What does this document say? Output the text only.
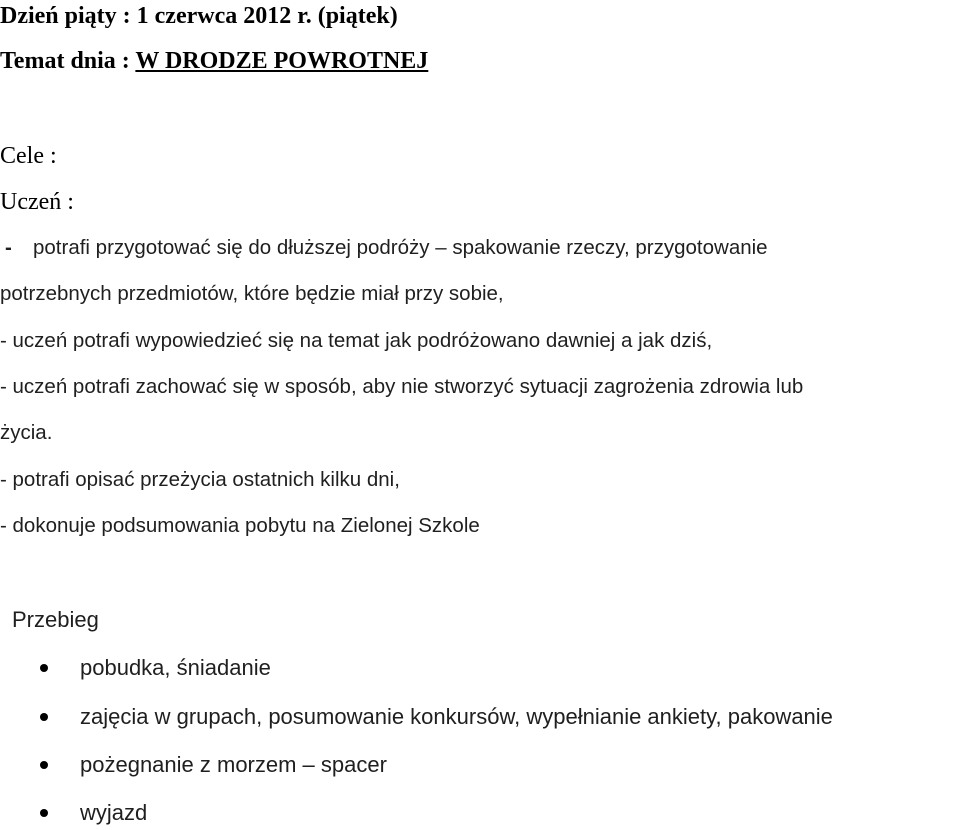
Dzień piąty : 1 czerwca 2012 r. (piątek)
Temat dnia : W DRODZE POWROTNEJ
Cele :
Uczeń :
- potrafi przygotować się do dłuższej podróży – spakowanie rzeczy, przygotowanie
potrzebnych przedmiotów, które będzie miał przy sobie,
- uczeń potrafi wypowiedzieć się na temat jak podróżowano dawniej a jak dziś,
- uczeń potrafi zachować się w sposób, aby nie stworzyć sytuacji zagrożenia zdrowia lub
życia.
- potrafi opisać przeżycia ostatnich kilku dni,
- dokonuje podsumowania pobytu na Zielonej Szkole
Przebieg
pobudka, śniadanie
zajęcia w grupach, posumowanie konkursów, wypełnianie ankiety, pakowanie
pożegnanie z morzem – spacer
wyjazd
